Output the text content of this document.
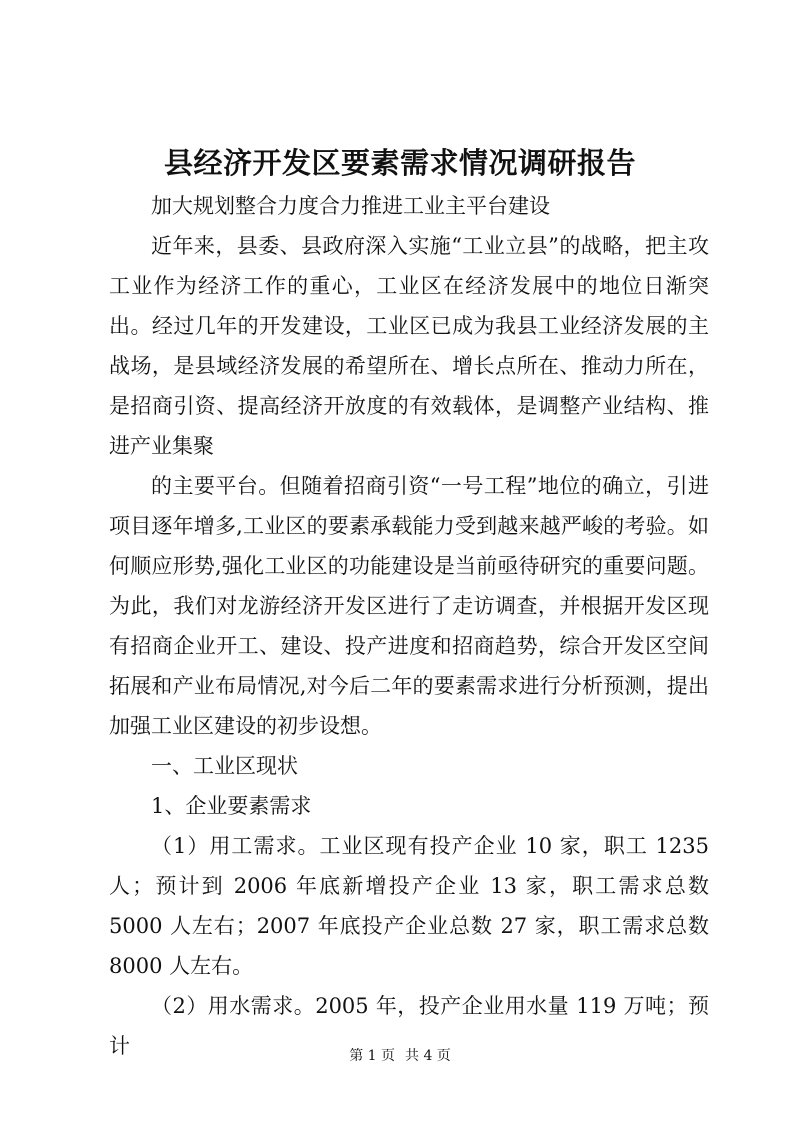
县经济开发区要素需求情况调研报告

加大规划整合力度合力推进工业主平台建设

近年来，县委、县政府深入实施“工业立县”的战略，把主攻工业作为经济工作的重心，工业区在经济发展中的地位日渐突出。经过几年的开发建设，工业区已成为我县工业经济发展的主战场，是县域经济发展的希望所在、增长点所在、推动力所在，是招商引资、提高经济开放度的有效载体，是调整产业结构、推进产业集聚

的主要平台。但随着招商引资“一号工程”地位的确立，引进项目逐年增多,工业区的要素承载能力受到越来越严峻的考验。如何顺应形势,强化工业区的功能建设是当前亟待研究的重要问题。为此，我们对龙游经济开发区进行了走访调查，并根据开发区现有招商企业开工、建设、投产进度和招商趋势，综合开发区空间拓展和产业布局情况,对今后二年的要素需求进行分析预测，提出加强工业区建设的初步设想。

一、工业区现状

1、企业要素需求

（1）用工需求。工业区现有投产企业 10 家，职工 1235 人；预计到 2006 年底新增投产企业 13 家，职工需求总数 5000 人左右；2007 年底投产企业总数 27 家，职工需求总数 8000 人左右。

（2）用水需求。2005 年，投产企业用水量 119 万吨；预计	第 1 页 共 4 页
